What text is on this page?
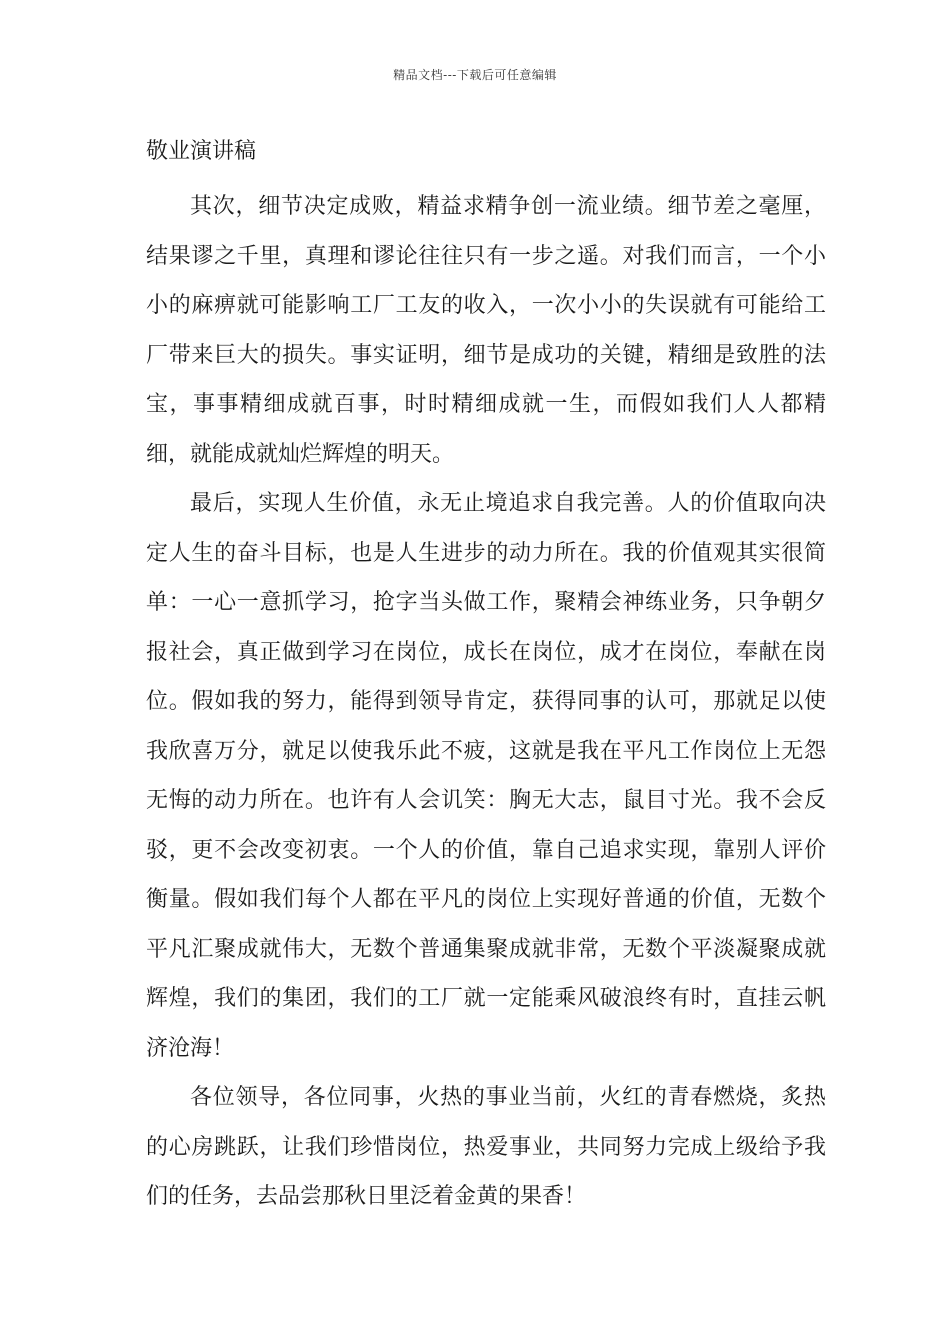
精品文档---下载后可任意编辑
敬业演讲稿

其次，细节决定成败，精益求精争创一流业绩。细节差之毫厘，结果谬之千里，真理和谬论往往只有一步之遥。对我们而言，一个小小的麻痹就可能影响工厂工友的收入，一次小小的失误就有可能给工厂带来巨大的损失。事实证明，细节是成功的关键，精细是致胜的法宝，事事精细成就百事，时时精细成就一生，而假如我们人人都精细，就能成就灿烂辉煌的明天。

最后，实现人生价值，永无止境追求自我完善。人的价值取向决定人生的奋斗目标，也是人生进步的动力所在。我的价值观其实很简单：一心一意抓学习，抢字当头做工作，聚精会神练业务，只争朝夕报社会，真正做到学习在岗位，成长在岗位，成才在岗位，奉献在岗位。假如我的努力，能得到领导肯定，获得同事的认可，那就足以使我欣喜万分，就足以使我乐此不疲，这就是我在平凡工作岗位上无怨无悔的动力所在。也许有人会讥笑：胸无大志，鼠目寸光。我不会反驳，更不会改变初衷。一个人的价值，靠自己追求实现，靠别人评价衡量。假如我们每个人都在平凡的岗位上实现好普通的价值，无数个平凡汇聚成就伟大，无数个普通集聚成就非常，无数个平淡凝聚成就辉煌，我们的集团，我们的工厂就一定能乘风破浪终有时，直挂云帆济沧海！

各位领导，各位同事，火热的事业当前，火红的青春燃烧，炙热的心房跳跃，让我们珍惜岗位，热爱事业，共同努力完成上级给予我们的任务，去品尝那秋日里泛着金黄的果香！
